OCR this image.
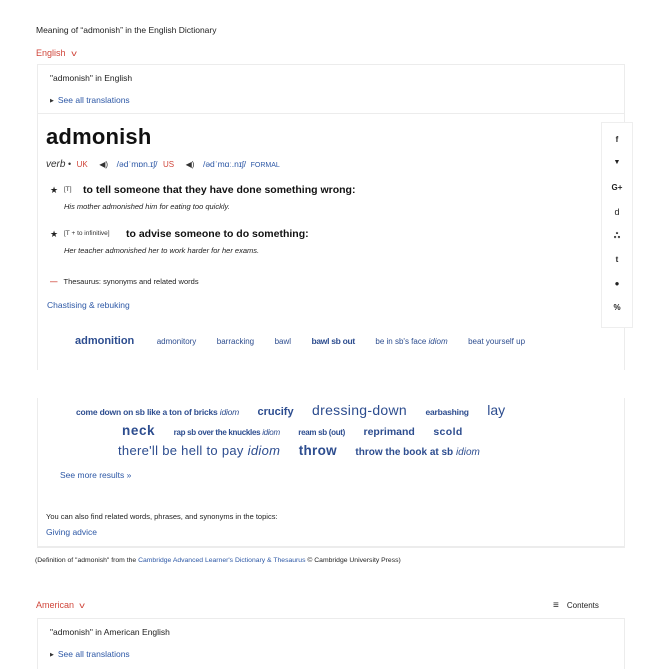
Meaning of “admonish” in the English Dictionary
English v
"admonish" in English
▶ See all translations
admonish
verb • UK ◀) /ədˈmɒn.ɪʃ/ US ◀) /ədˈmɑː.nɪʃ/ FORMAL
★ [T] to tell someone that they have done something wrong:
His mother admonished him for eating too quickly.
★ [T + to infinitive] to advise someone to do something:
Her teacher admonished her to work harder for her exams.
— Thesaurus: synonyms and related words
Chastising & rebuking
admonition	admonitory	barracking	bawl bawl sb out	be in sb's face idiom	beat yourself up
f
▼
G+
d
ஃ
t
●
%
come down on sb like a ton of bricks idiom crucify dressing-down earbashing lay
neck rap sb over the knuckles idiom ream sb (out) reprimand scold
there'll be hell to pay idiom throw throw the book at sb idiom
See more results »
You can also find related words, phrases, and synonyms in the topics:
Giving advice
(Definition of "admonish" from the Cambridge Advanced Learner's Dictionary & Thesaurus © Cambridge University Press)
American v	≡ Contents
"admonish" in American English
▶ See all translations
